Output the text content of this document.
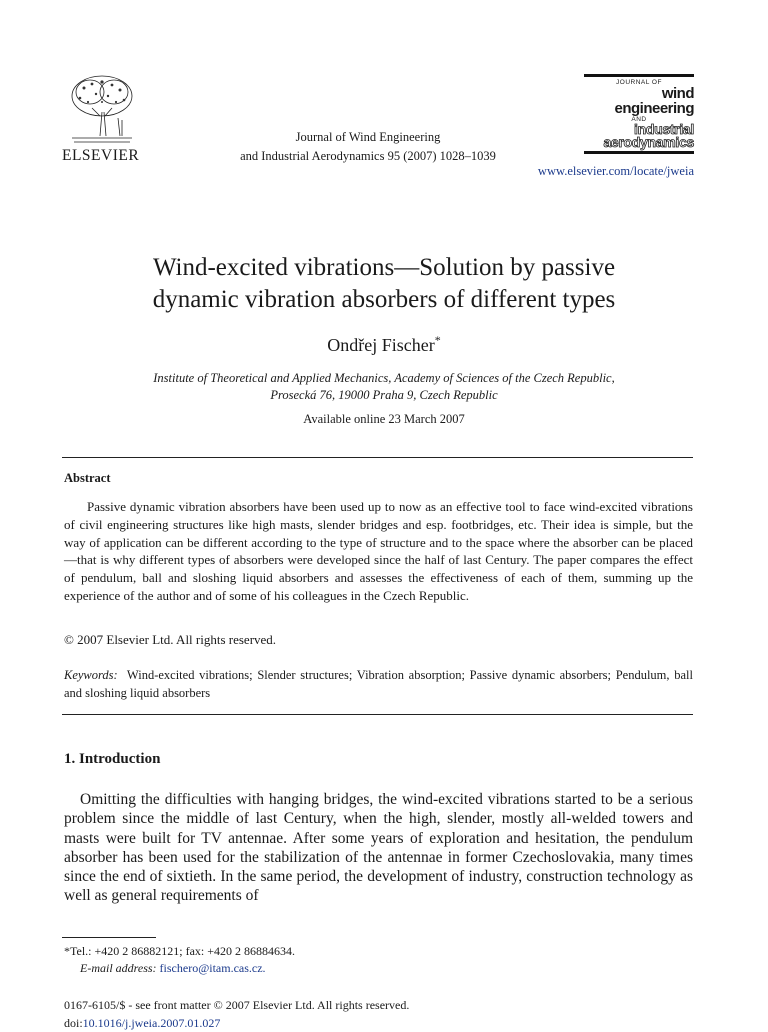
ELSEVIER
Journal of Wind Engineering
and Industrial Aerodynamics 95 (2007) 1028–1039
JOURNAL OF
wind engineering
AND
industrial
aerodynamics
www.elsevier.com/locate/jweia
Wind-excited vibrations—Solution by passive
dynamic vibration absorbers of different types
Ondřej Fischer*
Institute of Theoretical and Applied Mechanics, Academy of Sciences of the Czech Republic,
Prosecká 76, 19000 Praha 9, Czech Republic
Available online 23 March 2007
Abstract

Passive dynamic vibration absorbers have been used up to now as an effective tool to face wind-excited vibrations of civil engineering structures like high masts, slender bridges and esp. footbridges, etc. Their idea is simple, but the way of application can be different according to the type of structure and to the space where the absorber can be placed—that is why different types of absorbers were developed since the half of last Century. The paper compares the effect of pendulum, ball and sloshing liquid absorbers and assesses the effectiveness of each of them, summing up the experience of the author and of some of his colleagues in the Czech Republic.

© 2007 Elsevier Ltd. All rights reserved.
Keywords: Wind-excited vibrations; Slender structures; Vibration absorption; Passive dynamic absorbers; Pendulum, ball and sloshing liquid absorbers
1. Introduction

Omitting the difficulties with hanging bridges, the wind-excited vibrations started to be a serious problem since the middle of last Century, when the high, slender, mostly all-welded towers and masts were built for TV antennae. After some years of exploration and hesitation, the pendulum absorber has been used for the stabilization of the antennae in former Czechoslovakia, many times since the end of sixtieth. In the same period, the development of industry, construction technology as well as general requirements of

*Tel.: +420 2 86882121; fax: +420 2 86884634.
E-mail address: fischero@itam.cas.cz.
0167-6105/$ - see front matter © 2007 Elsevier Ltd. All rights reserved.
doi:10.1016/j.jweia.2007.01.027
